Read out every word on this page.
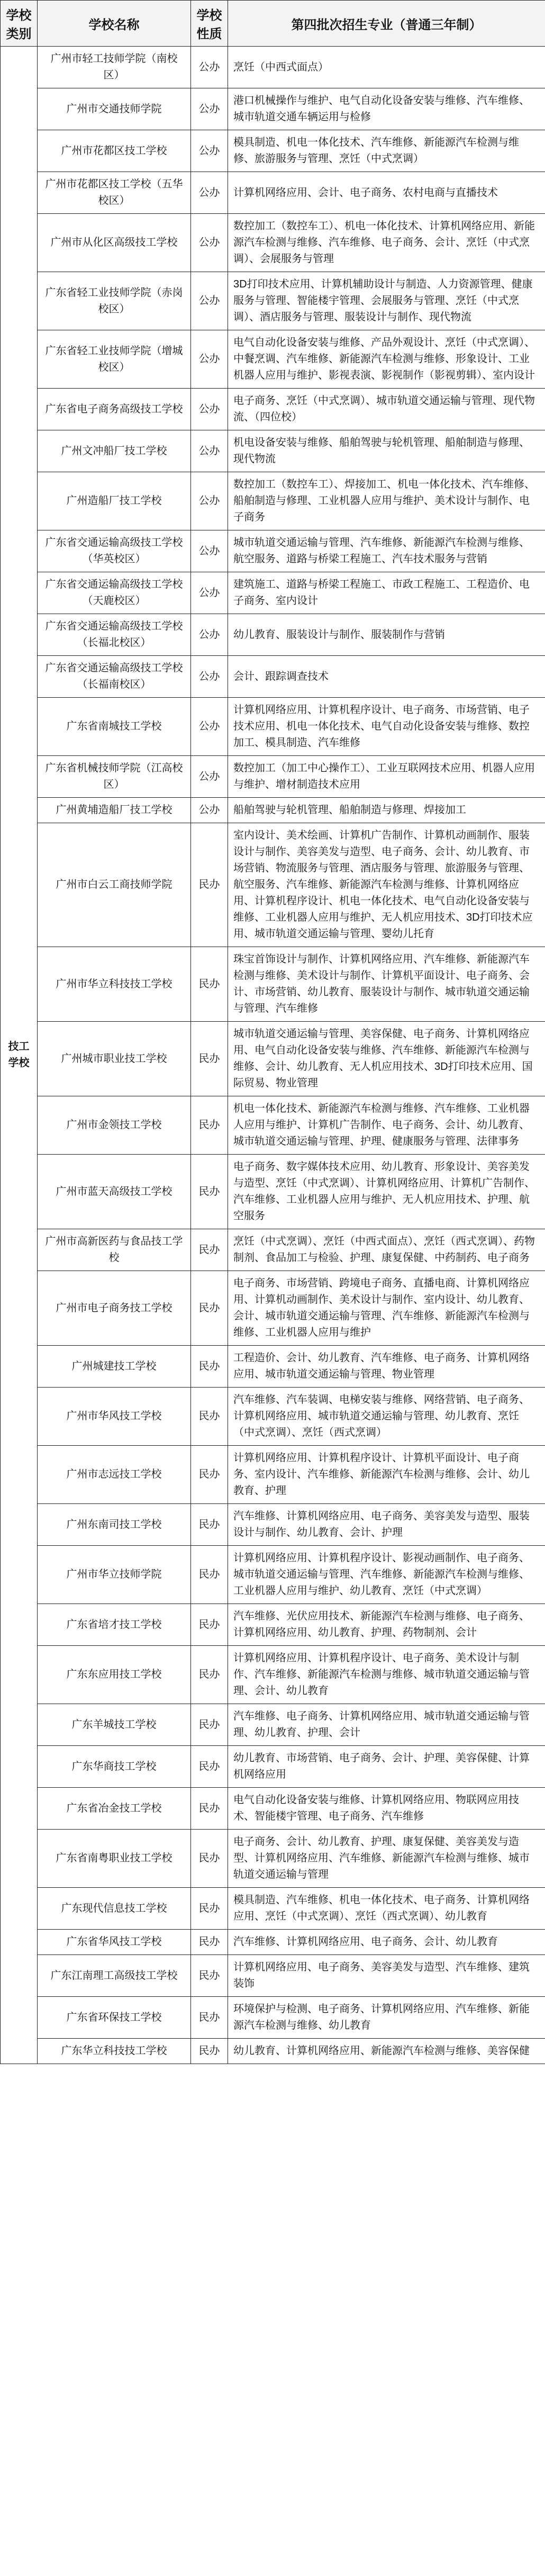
学校类别	学校名称	学校性质	第四批次招生专业（普通三年制）
技工学校	广州市轻工技师学院（南校区）	公办	烹饪（中西式面点）
	广州市交通技师学院	公办	港口机械操作与维护、电气自动化设备安装与维修、汽车维修、城市轨道交通车辆运用与检修
	广州市花都区技工学校	公办	模具制造、机电一体化技术、汽车维修、新能源汽车检测与维修、旅游服务与管理、烹饪（中式烹调）
	广州市花都区技工学校（五华校区）	公办	计算机网络应用、会计、电子商务、农村电商与直播技术
	广州市从化区高级技工学校	公办	数控加工（数控车工）、机电一体化技术、计算机网络应用、新能源汽车检测与维修、汽车维修、电子商务、会计、烹饪（中式烹调）、会展服务与管理
	广东省轻工业技师学院（赤岗校区）	公办	3D打印技术应用、计算机辅助设计与制造、人力资源管理、健康服务与管理、智能楼宇管理、会展服务与管理、烹饪（中式烹调）、酒店服务与管理、服装设计与制作、现代物流
	广东省轻工业技师学院（增城校区）	公办	电气自动化设备安装与维修、产品外观设计、烹饪（中式烹调）、中餐烹调、汽车维修、新能源汽车检测与维修、形象设计、工业机器人应用与维护、影视表演、影视制作（影视剪辑）、室内设计
	广东省电子商务高级技工学校	公办	电子商务、烹饪（中式烹调）、城市轨道交通运输与管理、现代物流、（四位校）
	广州文冲船厂技工学校	公办	机电设备安装与维修、船舶驾驶与轮机管理、船舶制造与修理、现代物流
	广州造船厂技工学校	公办	数控加工（数控车工）、焊接加工、机电一体化技术、汽车维修、船舶制造与修理、工业机器人应用与维护、美术设计与制作、电子商务
	广东省交通运输高级技工学校（华英校区）	公办	城市轨道交通运输与管理、汽车维修、新能源汽车检测与维修、航空服务、道路与桥梁工程施工、汽车技术服务与营销
	广东省交通运输高级技工学校（天鹿校区）	公办	建筑施工、道路与桥梁工程施工、市政工程施工、工程造价、电子商务、室内设计
	广东省交通运输高级技工学校（长福北校区）	公办	幼儿教育、服装设计与制作、服装制作与营销
	广东省交通运输高级技工学校（长福南校区）	公办	会计、跟踪调查技术
	广东省南城技工学校	公办	计算机网络应用、计算机程序设计、电子商务、市场营销、电子技术应用、机电一体化技术、电气自动化设备安装与维修、数控加工、模具制造、汽车维修
	广东省机械技师学院（江高校区）	公办	数控加工（加工中心操作工）、工业互联网技术应用、机器人应用与维护、增材制造技术应用
	广州黄埔造船厂技工学校	公办	船舶驾驶与轮机管理、船舶制造与修理、焊接加工
	广州市白云工商技师学院	民办	室内设计、美术绘画、计算机广告制作、计算机动画制作、服装设计与制作、美容美发与造型、电子商务、会计、幼儿教育、市场营销、物流服务与管理、酒店服务与管理、旅游服务与管理、航空服务、汽车维修、新能源汽车检测与维修、计算机网络应用、计算机程序设计、机电一体化技术、电气自动化设备安装与维修、工业机器人应用与维护、无人机应用技术、3D打印技术应用、城市轨道交通运输与管理、婴幼儿托育
	广州市华立科技技工学校	民办	珠宝首饰设计与制作、计算机网络应用、汽车维修、新能源汽车检测与维修、美术设计与制作、计算机平面设计、电子商务、会计、市场营销、幼儿教育、服装设计与制作、城市轨道交通运输与管理、汽车维修
	广州城市职业技工学校	民办	城市轨道交通运输与管理、美容保健、电子商务、计算机网络应用、电气自动化设备安装与维修、汽车维修、新能源汽车检测与维修、会计、幼儿教育、无人机应用技术、3D打印技术应用、国际贸易、物业管理
	广州市金领技工学校	民办	机电一体化技术、新能源汽车检测与维修、汽车维修、工业机器人应用与维护、计算机广告制作、电子商务、会计、幼儿教育、城市轨道交通运输与管理、护理、健康服务与管理、法律事务
	广州市蓝天高级技工学校	民办	电子商务、数字媒体技术应用、幼儿教育、形象设计、美容美发与造型、烹饪（中式烹调）、计算机网络应用、计算机广告制作、汽车维修、工业机器人应用与维护、无人机应用技术、护理、航空服务
	广州市高新医药与食品技工学校	民办	烹饪（中式烹调）、烹饪（中西式面点）、烹饪（西式烹调）、药物制剂、食品加工与检验、护理、康复保健、中药制药、电子商务
	广州市电子商务技工学校	民办	电子商务、市场营销、跨境电子商务、直播电商、计算机网络应用、计算机动画制作、美术设计与制作、室内设计、幼儿教育、会计、城市轨道交通运输与管理、汽车维修、新能源汽车检测与维修、工业机器人应用与维护
	广州城建技工学校	民办	工程造价、会计、幼儿教育、汽车维修、电子商务、计算机网络应用、城市轨道交通运输与管理、物业管理
	广州市华风技工学校	民办	汽车维修、汽车装调、电梯安装与维修、网络营销、电子商务、计算机网络应用、城市轨道交通运输与管理、幼儿教育、烹饪（中式烹调）、烹饪（西式烹调）
	广州市志远技工学校	民办	计算机网络应用、计算机程序设计、计算机平面设计、电子商务、室内设计、汽车维修、新能源汽车检测与维修、会计、幼儿教育、护理
	广州东南司技工学校	民办	汽车维修、计算机网络应用、电子商务、美容美发与造型、服装设计与制作、幼儿教育、会计、护理
	广州市华立技师学院	民办	计算机网络应用、计算机程序设计、影视动画制作、电子商务、城市轨道交通运输与管理、汽车维修、新能源汽车检测与维修、工业机器人应用与维护、幼儿教育、烹饪（中式烹调）
	广东省培才技工学校	民办	汽车维修、光伏应用技术、新能源汽车检测与维修、电子商务、计算机网络应用、幼儿教育、护理、药物制剂、会计
	广东东应用技工学校	民办	计算机网络应用、计算机程序设计、电子商务、美术设计与制作、汽车维修、新能源汽车检测与维修、城市轨道交通运输与管理、会计、幼儿教育
	广东羊城技工学校	民办	汽车维修、电子商务、计算机网络应用、城市轨道交通运输与管理、幼儿教育、护理、会计
	广东华商技工学校	民办	幼儿教育、市场营销、电子商务、会计、护理、美容保健、计算机网络应用
	广东省冶金技工学校	民办	电气自动化设备安装与维修、计算机网络应用、物联网应用技术、智能楼宇管理、电子商务、汽车维修
	广东省南粤职业技工学校	民办	电子商务、会计、幼儿教育、护理、康复保健、美容美发与造型、计算机网络应用、汽车维修、新能源汽车检测与维修、城市轨道交通运输与管理
	广东现代信息技工学校	民办	模具制造、汽车维修、机电一体化技术、电子商务、计算机网络应用、烹饪（中式烹调）、烹饪（西式烹调）、幼儿教育
	广东省华风技工学校	民办	汽车维修、计算机网络应用、电子商务、会计、幼儿教育
	广东江南理工高级技工学校	民办	计算机网络应用、电子商务、美容美发与造型、汽车维修、建筑装饰
	广东省环保技工学校	民办	环境保护与检测、电子商务、计算机网络应用、汽车维修、新能源汽车检测与维修、幼儿教育
	广东华立科技技工学校	民办	幼儿教育、计算机网络应用、新能源汽车检测与维修、美容保健
